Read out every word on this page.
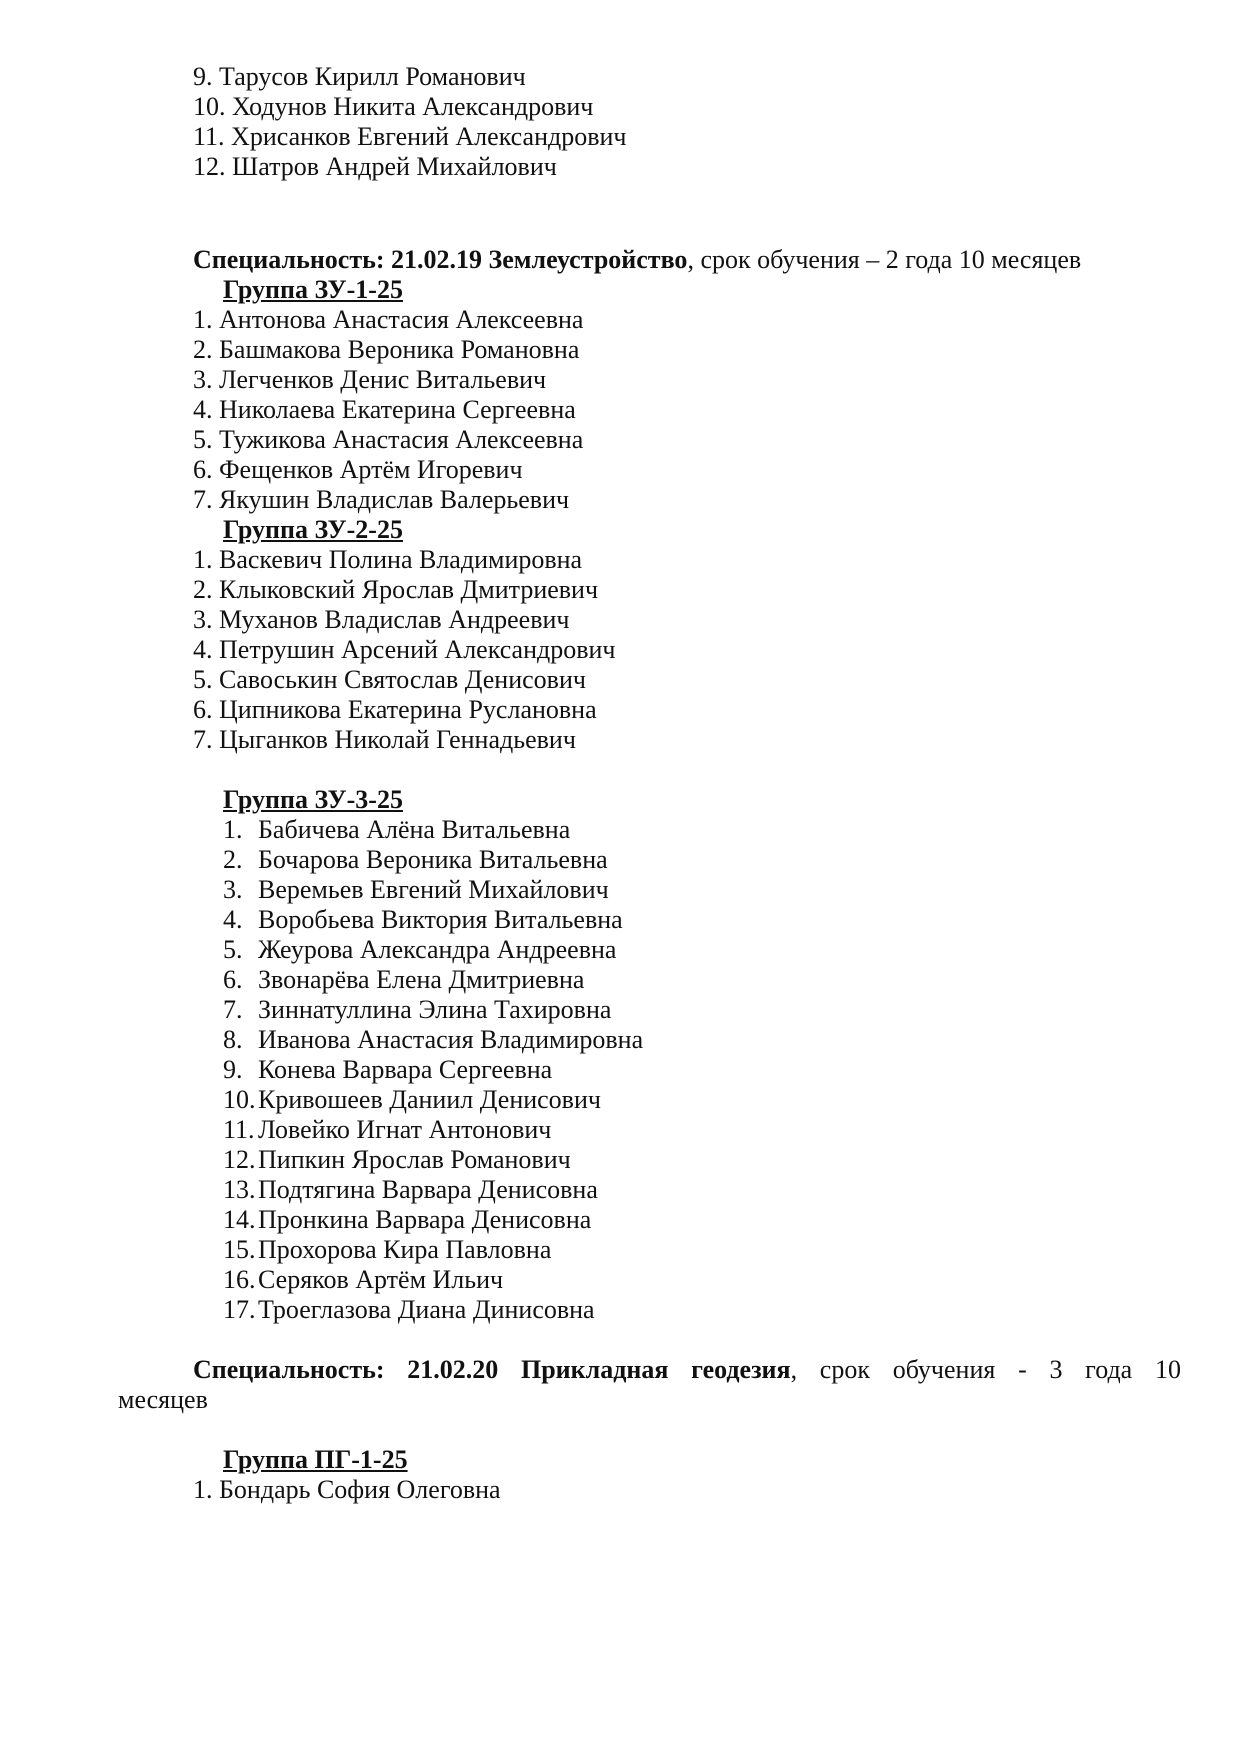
9. Тарусов Кирилл Романович
10. Ходунов Никита Александрович
11. Хрисанков Евгений Александрович
12. Шатров Андрей Михайлович
Специальность: 21.02.19 Землеустройство, срок обучения – 2 года 10 месяцев
Группа ЗУ-1-25
1. Антонова Анастасия Алексеевна
2. Башмакова Вероника Романовна
3. Легченков Денис Витальевич
4. Николаева Екатерина Сергеевна
5. Тужикова Анастасия Алексеевна
6. Фещенков Артём Игоревич
7. Якушин Владислав Валерьевич
Группа ЗУ-2-25
1. Васкевич Полина Владимировна
2. Клыковский Ярослав Дмитриевич
3. Муханов Владислав Андреевич
4. Петрушин Арсений Александрович
5. Савоськин Святослав Денисович
6. Ципникова Екатерина Руслановна
7. Цыганков Николай Геннадьевич
Группа ЗУ-3-25
1. Бабичева Алёна Витальевна
2. Бочарова Вероника Витальевна
3. Веремьев Евгений Михайлович
4. Воробьева Виктория Витальевна
5. Жеурова Александра Андреевна
6. Звонарёва Елена Дмитриевна
7. Зиннатуллина Элина Тахировна
8. Иванова Анастасия Владимировна
9. Конева Варвара Сергеевна
10.Кривошеев Даниил Денисович
11. Ловейко Игнат Антонович
12.Пипкин Ярослав Романович
13.Подтягина Варвара Денисовна
14.Пронкина Варвара Денисовна
15.Прохорова Кира Павловна
16.Серяков Артём Ильич
17.Троеглазова Диана Динисовна
Специальность: 21.02.20 Прикладная геодезия, срок обучения - 3 года 10
месяцев
Группа ПГ-1-25
1. Бондарь София Олеговна
